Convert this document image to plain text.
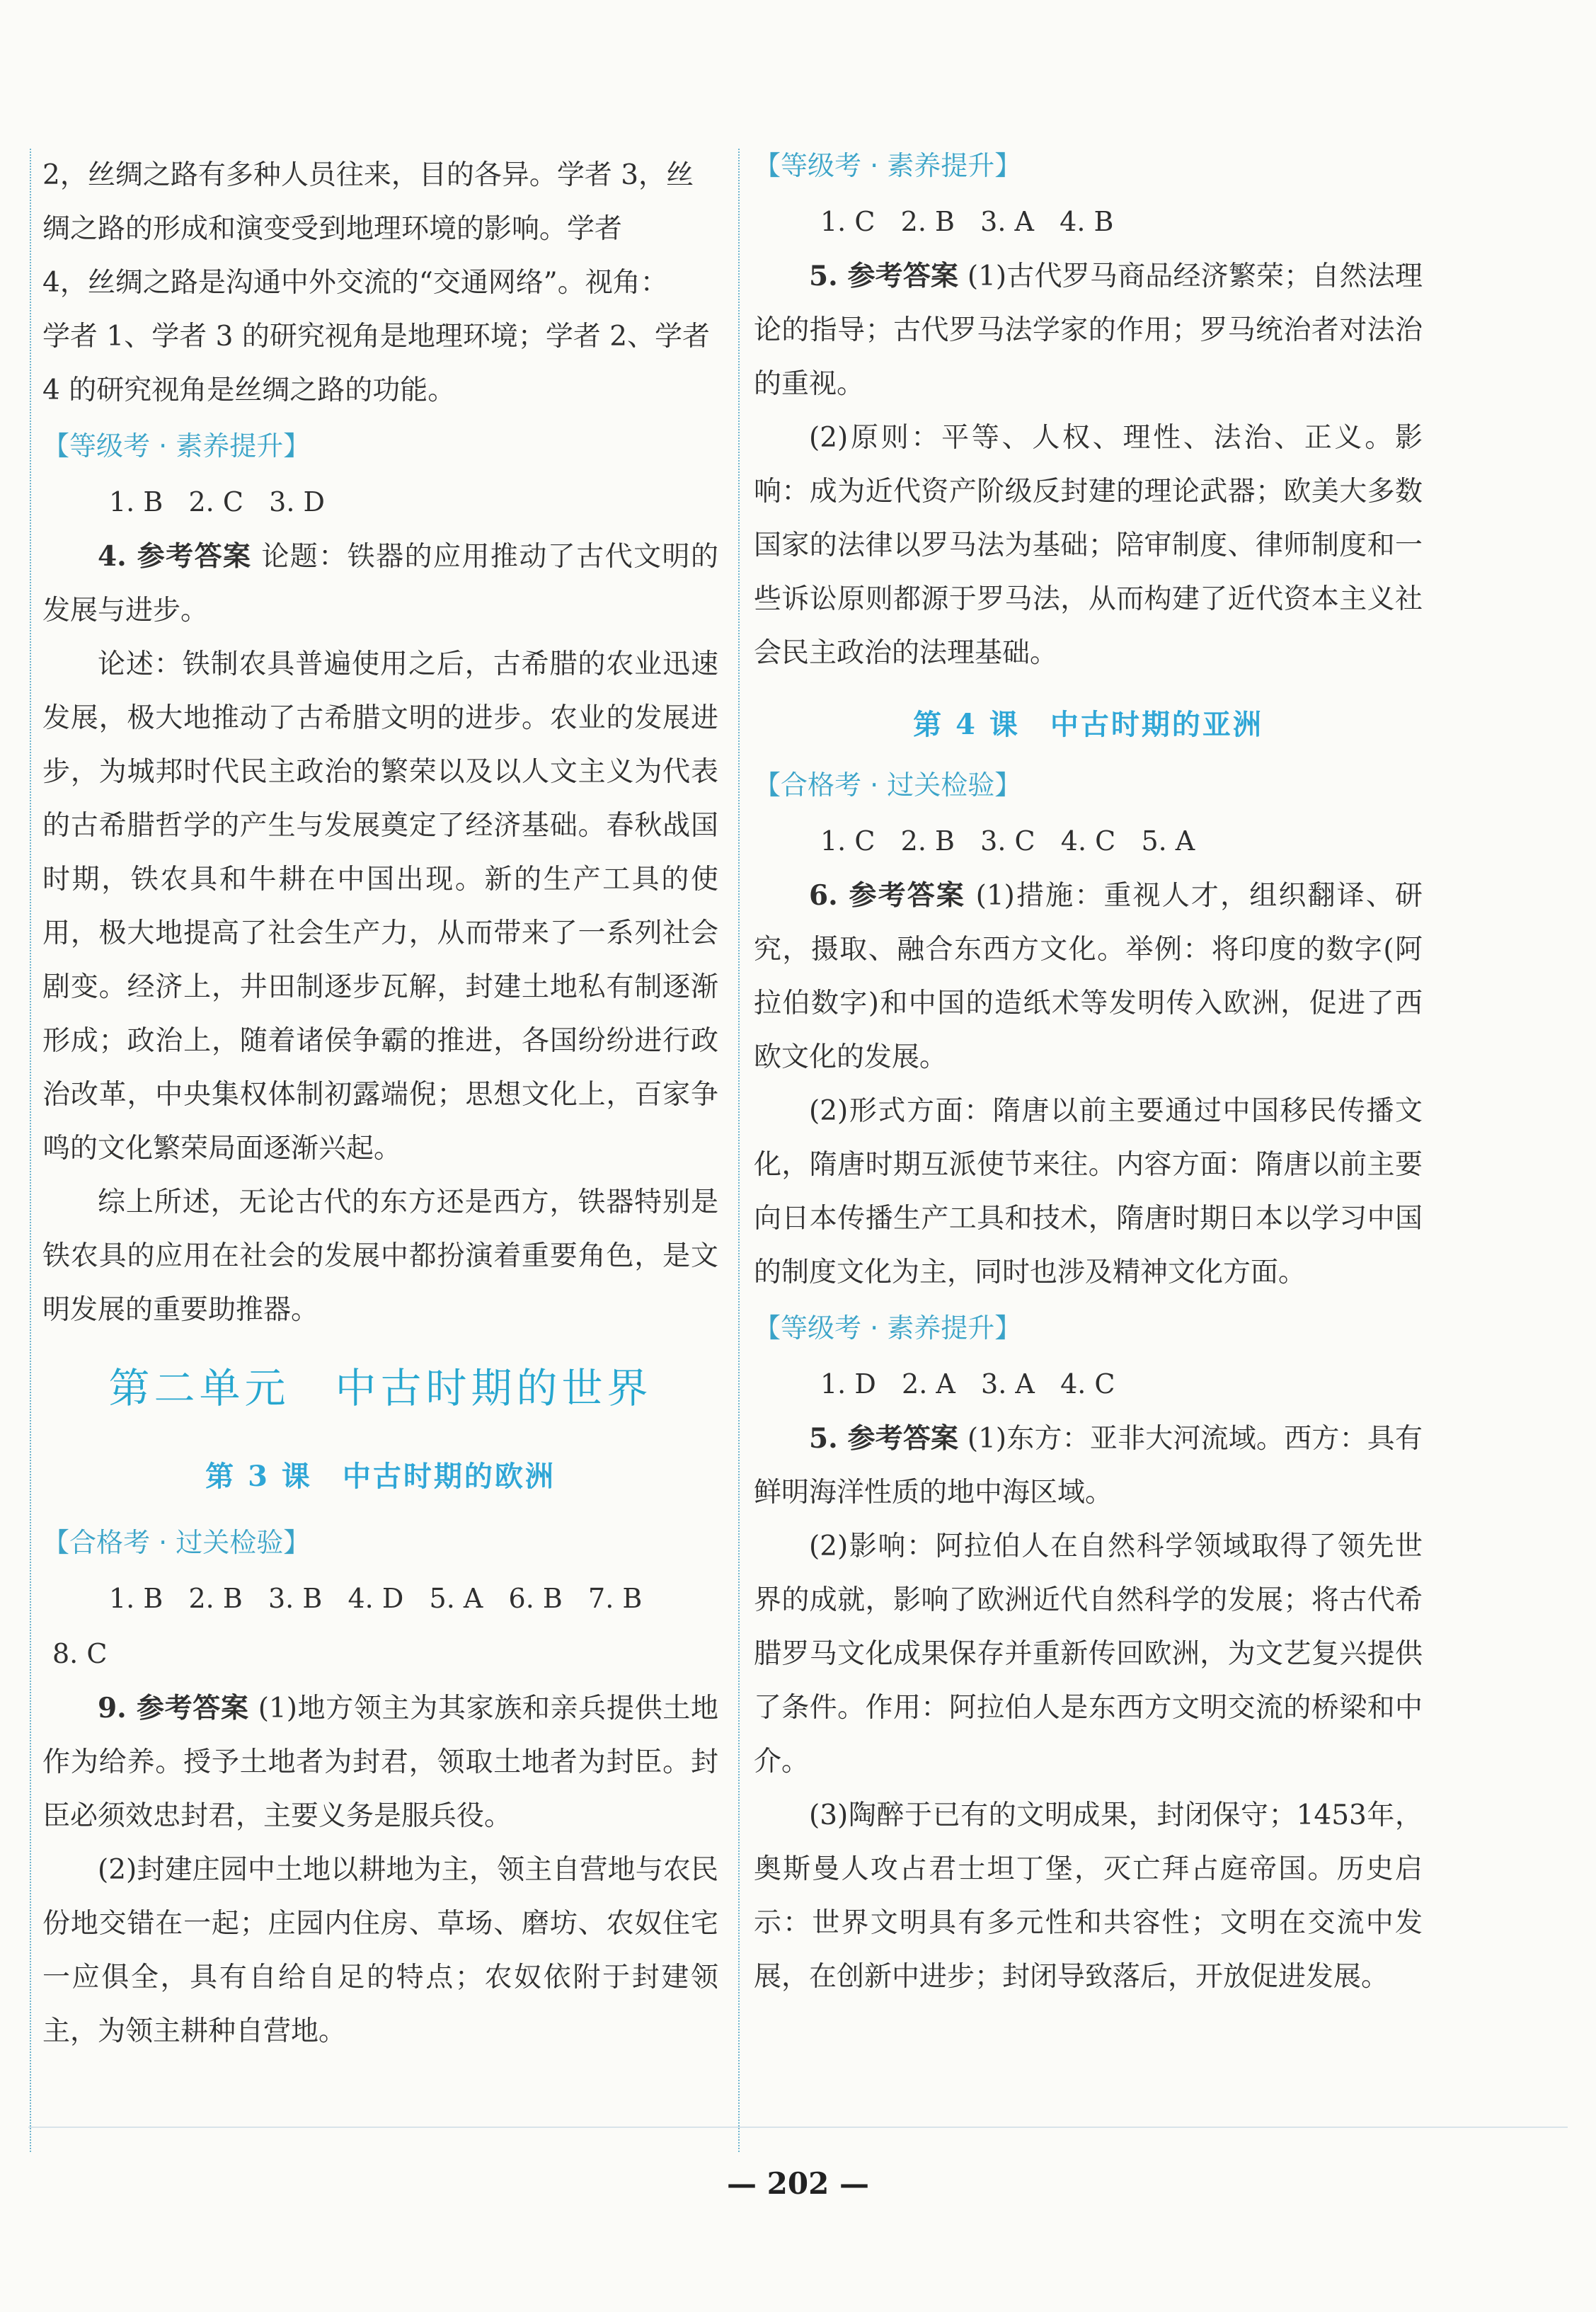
2，丝绸之路有多种人员往来，目的各异。学者 3，丝

绸之路的形成和演变受到地理环境的影响。学者

4，丝绸之路是沟通中外交流的“交通网络”。视角：

学者 1、学者 3 的研究视角是地理环境；学者 2、学者

4 的研究视角是丝绸之路的功能。

【等级考 · 素养提升】

1. B   2. C   3. D

4. 参考答案 论题：铁器的应用推动了古代文明的发展与进步。

论述：铁制农具普遍使用之后，古希腊的农业迅速发展，极大地推动了古希腊文明的进步。农业的发展进步，为城邦时代民主政治的繁荣以及以人文主义为代表的古希腊哲学的产生与发展奠定了经济基础。春秋战国时期，铁农具和牛耕在中国出现。新的生产工具的使用，极大地提高了社会生产力，从而带来了一系列社会剧变。经济上，井田制逐步瓦解，封建土地私有制逐渐形成；政治上，随着诸侯争霸的推进，各国纷纷进行政治改革，中央集权体制初露端倪；思想文化上，百家争鸣的文化繁荣局面逐渐兴起。

综上所述，无论古代的东方还是西方，铁器特别是铁农具的应用在社会的发展中都扮演着重要角色，是文明发展的重要助推器。

第二单元　中古时期的世界

第 3 课　中古时期的欧洲

【合格考 · 过关检验】

1. B   2. B   3. B   4. D   5. A   6. B   7. B

8. C

9. 参考答案 (1)地方领主为其家族和亲兵提供土地作为给养。授予土地者为封君，领取土地者为封臣。封臣必须效忠封君，主要义务是服兵役。

(2)封建庄园中土地以耕地为主，领主自营地与农民份地交错在一起；庄园内住房、草场、磨坊、农奴住宅一应俱全，具有自给自足的特点；农奴依附于封建领主，为领主耕种自营地。

【等级考 · 素养提升】

1. C   2. B   3. A   4. B

5. 参考答案 (1)古代罗马商品经济繁荣；自然法理论的指导；古代罗马法学家的作用；罗马统治者对法治的重视。

(2)原则：平等、人权、理性、法治、正义。影响：成为近代资产阶级反封建的理论武器；欧美大多数国家的法律以罗马法为基础；陪审制度、律师制度和一些诉讼原则都源于罗马法，从而构建了近代资本主义社会民主政治的法理基础。

第 4 课　中古时期的亚洲

【合格考 · 过关检验】

1. C   2. B   3. C   4. C   5. A

6. 参考答案 (1)措施：重视人才，组织翻译、研究，摄取、融合东西方文化。举例：将印度的数字(阿拉伯数字)和中国的造纸术等发明传入欧洲，促进了西欧文化的发展。

(2)形式方面：隋唐以前主要通过中国移民传播文化，隋唐时期互派使节来往。内容方面：隋唐以前主要向日本传播生产工具和技术，隋唐时期日本以学习中国的制度文化为主，同时也涉及精神文化方面。

【等级考 · 素养提升】

1. D   2. A   3. A   4. C

5. 参考答案 (1)东方：亚非大河流域。西方：具有鲜明海洋性质的地中海区域。

(2)影响：阿拉伯人在自然科学领域取得了领先世界的成就，影响了欧洲近代自然科学的发展；将古代希腊罗马文化成果保存并重新传回欧洲，为文艺复兴提供了条件。作用：阿拉伯人是东西方文明交流的桥梁和中介。

(3)陶醉于已有的文明成果，封闭保守；1453年，奥斯曼人攻占君士坦丁堡，灭亡拜占庭帝国。历史启示：世界文明具有多元性和共容性；文明在交流中发展，在创新中进步；封闭导致落后，开放促进发展。

— 202 —
